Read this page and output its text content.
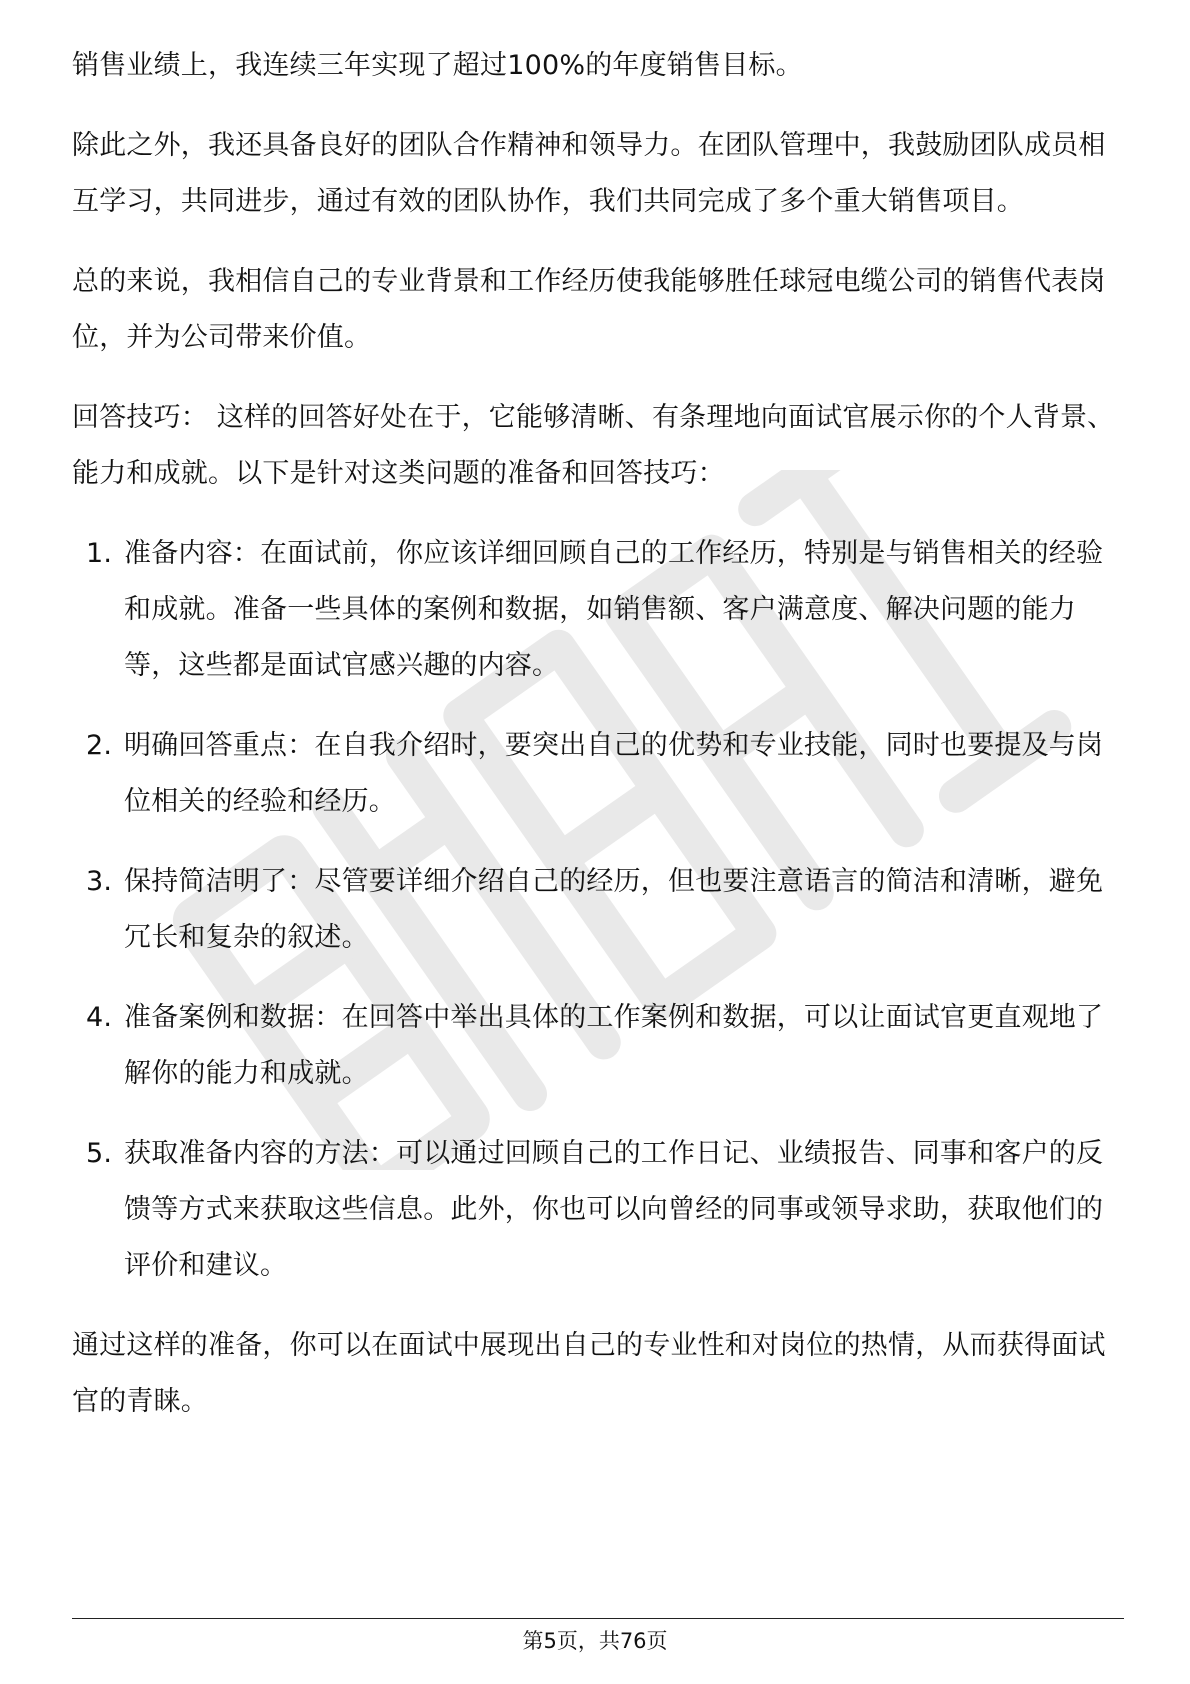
销售业绩上，我连续三年实现了超过100%的年度销售目标。

除此之外，我还具备良好的团队合作精神和领导力。在团队管理中，我鼓励团队成员相互学习，共同进步，通过有效的团队协作，我们共同完成了多个重大销售项目。

总的来说，我相信自己的专业背景和工作经历使我能够胜任球冠电缆公司的销售代表岗位，并为公司带来价值。

回答技巧： 这样的回答好处在于，它能够清晰、有条理地向面试官展示你的个人背景、能力和成就。以下是针对这类问题的准备和回答技巧：

1. 准备内容：在面试前，你应该详细回顾自己的工作经历，特别是与销售相关的经验和成就。准备一些具体的案例和数据，如销售额、客户满意度、解决问题的能力等，这些都是面试官感兴趣的内容。
2. 明确回答重点：在自我介绍时，要突出自己的优势和专业技能，同时也要提及与岗位相关的经验和经历。
3. 保持简洁明了：尽管要详细介绍自己的经历，但也要注意语言的简洁和清晰，避免冗长和复杂的叙述。
4. 准备案例和数据：在回答中举出具体的工作案例和数据，可以让面试官更直观地了解你的能力和成就。
5. 获取准备内容的方法：可以通过回顾自己的工作日记、业绩报告、同事和客户的反馈等方式来获取这些信息。此外，你也可以向曾经的同事或领导求助，获取他们的评价和建议。

通过这样的准备，你可以在面试中展现出自己的专业性和对岗位的热情，从而获得面试官的青睐。

第5页，共76页
